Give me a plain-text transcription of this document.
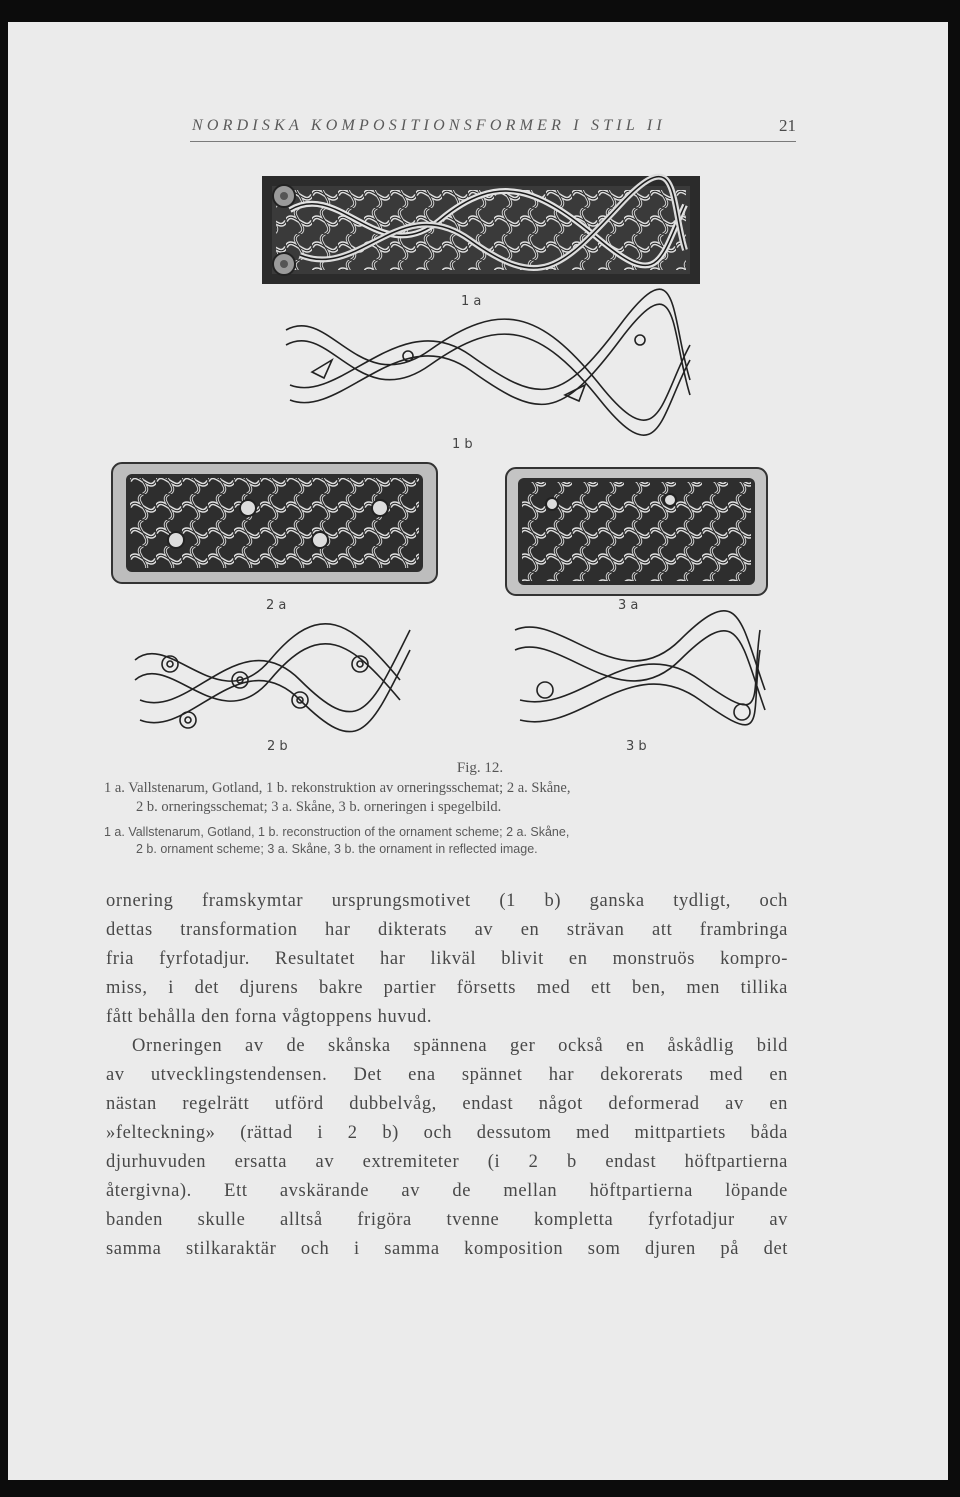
NORDISKA KOMPOSITIONSFORMER I STIL II	21
1 a
1 b
2 a	3 a
2 b	3 b
Fig. 12.
1 a. Vallstenarum, Gotland, 1 b. rekonstruktion av orneringsschemat; 2 a. Skåne,
2 b. orneringsschemat; 3 a. Skåne, 3 b. orneringen i spegelbild.
1 a. Vallstenarum, Gotland, 1 b. reconstruction of the ornament scheme; 2 a. Skåne,
2 b. ornament scheme; 3 a. Skåne, 3 b. the ornament in reflected image.
ornering framskymtar ursprungsmotivet (1 b) ganska tydligt, och
dettas transformation har dikterats av en strävan att frambringa
fria fyrfotadjur. Resultatet har likväl blivit en monstruös kompro-
miss, i det djurens bakre partier försetts med ett ben, men tillika
fått behålla den forna vågtoppens huvud.
Orneringen av de skånska spännena ger också en åskådlig bild
av utvecklingstendensen. Det ena spännet har dekorerats med en
nästan regelrätt utförd dubbelvåg, endast något deformerad av en
»felteckning» (rättad i 2 b) och dessutom med mittpartiets båda
djurhuvuden ersatta av extremiteter (i 2 b endast höftpartierna
återgivna). Ett avskärande av de mellan höftpartierna löpande
banden skulle alltså frigöra tvenne kompletta fyrfotadjur av
samma stilkaraktär och i samma komposition som djuren på det
